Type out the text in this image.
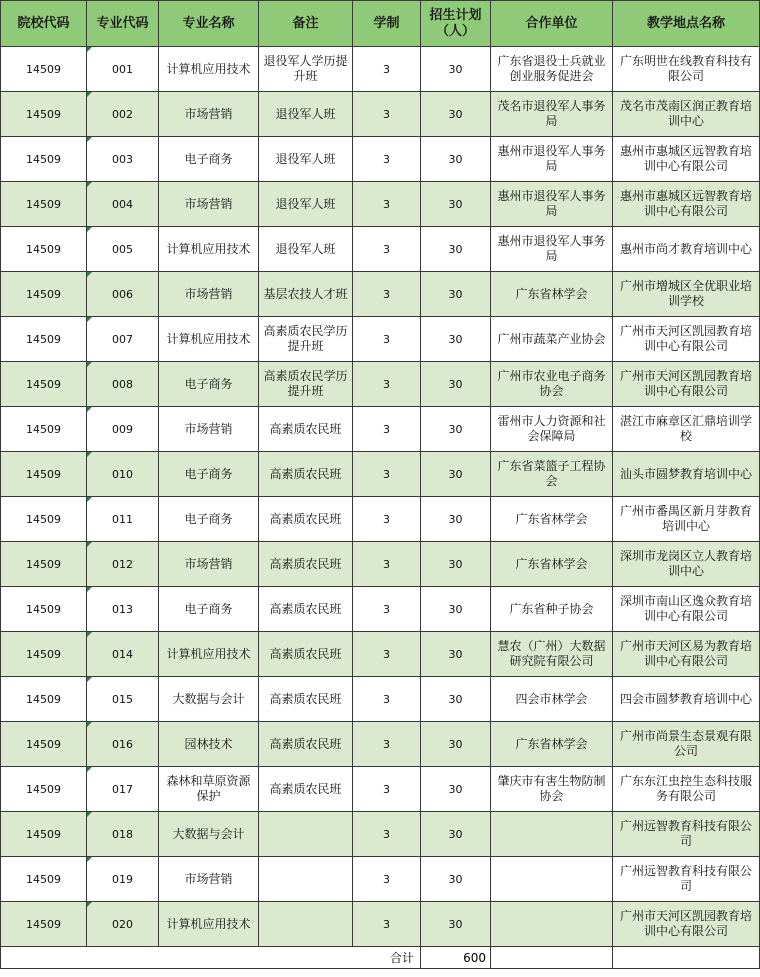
院校代码	专业代码	专业名称	备注	学制	招生计划（人）	合作单位	教学地点名称
14509	001	计算机应用技术	退役军人学历提升班	3	30	广东省退役士兵就业创业服务促进会	广东明世在线教育科技有限公司
14509	002	市场营销	退役军人班	3	30	茂名市退役军人事务局	茂名市茂南区润正教育培训中心
14509	003	电子商务	退役军人班	3	30	惠州市退役军人事务局	惠州市惠城区远智教育培训中心有限公司
14509	004	市场营销	退役军人班	3	30	惠州市退役军人事务局	惠州市惠城区远智教育培训中心有限公司
14509	005	计算机应用技术	退役军人班	3	30	惠州市退役军人事务局	惠州市尚才教育培训中心
14509	006	市场营销	基层农技人才班	3	30	广东省林学会	广州市增城区全优职业培训学校
14509	007	计算机应用技术	高素质农民学历提升班	3	30	广州市蔬菜产业协会	广州市天河区凯园教育培训中心有限公司
14509	008	电子商务	高素质农民学历提升班	3	30	广州市农业电子商务协会	广州市天河区凯园教育培训中心有限公司
14509	009	市场营销	高素质农民班	3	30	雷州市人力资源和社会保障局	湛江市麻章区汇鼎培训学校
14509	010	电子商务	高素质农民班	3	30	广东省菜篮子工程协会	汕头市圆梦教育培训中心
14509	011	电子商务	高素质农民班	3	30	广东省林学会	广州市番禺区新月芽教育培训中心
14509	012	市场营销	高素质农民班	3	30	广东省林学会	深圳市龙岗区立人教育培训中心
14509	013	电子商务	高素质农民班	3	30	广东省种子协会	深圳市南山区逸众教育培训中心有限公司
14509	014	计算机应用技术	高素质农民班	3	30	慧农（广州）大数据研究院有限公司	广州市天河区易为教育培训中心有限公司
14509	015	大数据与会计	高素质农民班	3	30	四会市林学会	四会市圆梦教育培训中心
14509	016	园林技术	高素质农民班	3	30	广东省林学会	广州市尚景生态景观有限公司
14509	017	森林和草原资源保护	高素质农民班	3	30	肇庆市有害生物防制协会	广东东江虫控生态科技服务有限公司
14509	018	大数据与会计		3	30		广州远智教育科技有限公司
14509	019	市场营销		3	30		广州远智教育科技有限公司
14509	020	计算机应用技术		3	30		广州市天河区凯园教育培训中心有限公司
合计					600		
